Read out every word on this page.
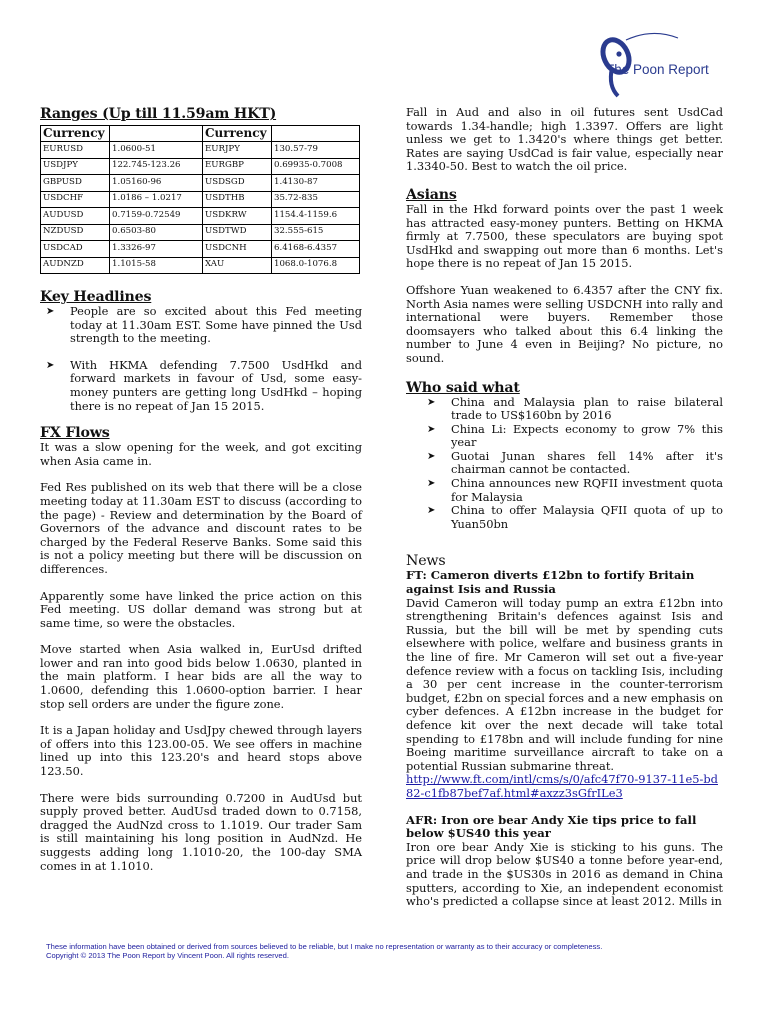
The Poon Report
Ranges (Up till 11.59am HKT)
Currency		Currency	
EURUSD	1.0600-51	EURJPY	130.57-79
USDJPY	122.745-123.26	EURGBP	0.69935-0.7008
GBPUSD	1.05160-96	USDSGD	1.4130-87
USDCHF	1.0186 – 1.0217	USDTHB	35.72-835
AUDUSD	0.7159-0.72549	USDKRW	1154.4-1159.6
NZDUSD	0.6503-80	USDTWD	32.555-615
USDCAD	1.3326-97	USDCNH	6.4168-6.4357
AUDNZD	1.1015-58	XAU	1068.0-1076.8
Key Headlines
➤ People are so excited about this Fed meeting today at 11.30am EST. Some have pinned the Usd strength to the meeting.
➤ With HKMA defending 7.7500 UsdHkd and forward markets in favour of Usd, some easy-money punters are getting long UsdHkd – hoping there is no repeat of Jan 15 2015.
FX Flows

It was a slow opening for the week, and got exciting when Asia came in.

Fed Res published on its web that there will be a close meeting today at 11.30am EST to discuss (according to the page) - Review and determination by the Board of Governors of the advance and discount rates to be charged by the Federal Reserve Banks. Some said this is not a policy meeting but there will be discussion on differences.

Apparently some have linked the price action on this Fed meeting. US dollar demand was strong but at same time, so were the obstacles.

Move started when Asia walked in, EurUsd drifted lower and ran into good bids below 1.0630, planted in the main platform. I hear bids are all the way to 1.0600, defending this 1.0600-option barrier. I hear stop sell orders are under the figure zone.

It is a Japan holiday and UsdJpy chewed through layers of offers into this 123.00-05. We see offers in machine lined up into this 123.20's and heard stops above 123.50.

There were bids surrounding 0.7200 in AudUsd but supply proved better. AudUsd traded down to 0.7158, dragged the AudNzd cross to 1.1019. Our trader Sam is still maintaining his long position in AudNzd. He suggests adding long 1.1010-20, the 100-day SMA comes in at 1.1010.

Fall in Aud and also in oil futures sent UsdCad towards 1.34-handle; high 1.3397. Offers are light unless we get to 1.3420's where things get better. Rates are saying UsdCad is fair value, especially near 1.3340-50. Best to watch the oil price.

Asians

Fall in the Hkd forward points over the past 1 week has attracted easy-money punters. Betting on HKMA firmly at 7.7500, these speculators are buying spot UsdHkd and swapping out more than 6 months. Let's hope there is no repeat of Jan 15 2015.

Offshore Yuan weakened to 6.4357 after the CNY fix. North Asia names were selling USDCNH into rally and international were buyers. Remember those doomsayers who talked about this 6.4 linking the number to June 4 even in Beijing? No picture, no sound.

Who said what
➤ China and Malaysia plan to raise bilateral trade to US$160bn by 2016
➤ China Li: Expects economy to grow 7% this year
➤ Guotai Junan shares fell 14% after it's chairman cannot be contacted.
➤ China announces new RQFII investment quota for Malaysia
➤ China to offer Malaysia QFII quota of up to Yuan50bn
News
FT: Cameron diverts £12bn to fortify Britain against Isis and Russia

David Cameron will today pump an extra £12bn into strengthening Britain's defences against Isis and Russia, but the bill will be met by spending cuts elsewhere with police, welfare and business grants in the line of fire. Mr Cameron will set out a five-year defence review with a focus on tackling Isis, including a 30 per cent increase in the counter-terrorism budget, £2bn on special forces and a new emphasis on cyber defences. A £12bn increase in the budget for defence kit over the next decade will take total spending to £178bn and will include funding for nine Boeing maritime surveillance aircraft to take on a potential Russian submarine threat.

http://www.ft.com/intl/cms/s/0/afc47f70-9137-11e5-bd82-c1fb87bef7af.html#axzz3sGfrILe3

AFR: Iron ore bear Andy Xie tips price to fall below $US40 this year

Iron ore bear Andy Xie is sticking to his guns. The price will drop below $US40 a tonne before year-end, and trade in the $US30s in 2016 as demand in China sputters, according to Xie, an independent economist who's predicted a collapse since at least 2012. Mills in

These information have been obtained or derived from sources believed to be reliable, but I make no representation or warranty as to their accuracy or completeness.
Copyright © 2013 The Poon Report by Vincent Poon. All rights reserved.
